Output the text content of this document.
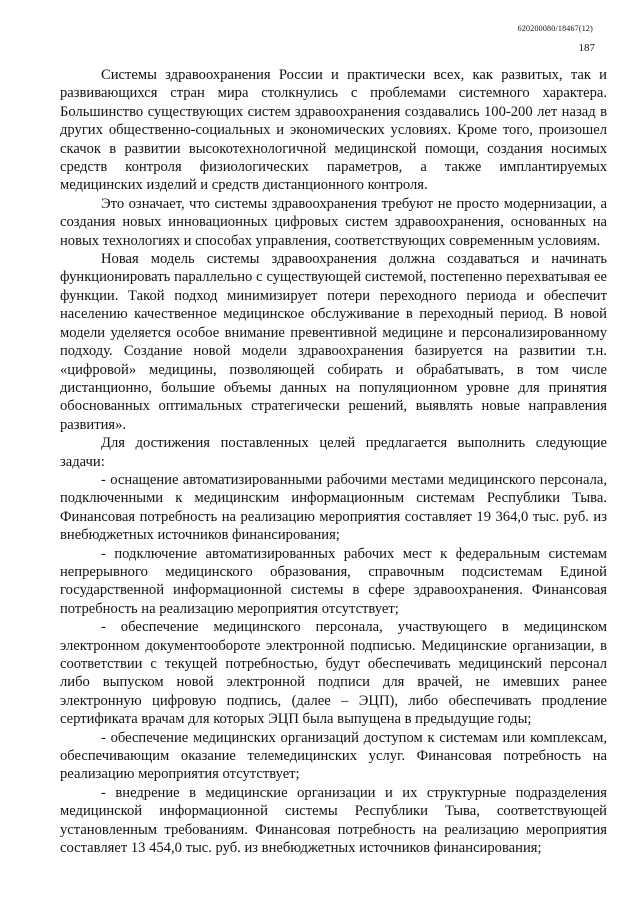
620200080/18467(12)
187

Системы здравоохранения России и практически всех, как развитых, так и развивающихся стран мира столкнулись с проблемами системного характера. Большинство существующих систем здравоохранения создавались 100-200 лет назад в других общественно-социальных и экономических условиях. Кроме того, произошел скачок в развитии высокотехнологичной медицинской помощи, создания носимых средств контроля физиологических параметров, а также имплантируемых медицинских изделий и средств дистанционного контроля.

Это означает, что системы здравоохранения требуют не просто модернизации, а создания новых инновационных цифровых систем здравоохранения, основанных на новых технологиях и способах управления, соответствующих современным условиям.

Новая модель системы здравоохранения должна создаваться и начинать функционировать параллельно с существующей системой, постепенно перехватывая ее функции. Такой подход минимизирует потери переходного периода и обеспечит населению качественное медицинское обслуживание в переходный период. В новой модели уделяется особое внимание превентивной медицине и персонализированному подходу. Создание новой модели здравоохранения базируется на развитии т.н. «цифровой» медицины, позволяющей собирать и обрабатывать, в том числе дистанционно, большие объемы данных на популяционном уровне для принятия обоснованных оптимальных стратегически решений, выявлять новые направления развития».

Для достижения поставленных целей предлагается выполнить следующие задачи:

- оснащение автоматизированными рабочими местами медицинского персонала, подключенными к медицинским информационным системам Республики Тыва. Финансовая потребность на реализацию мероприятия составляет 19 364,0 тыс. руб. из внебюджетных источников финансирования;

- подключение автоматизированных рабочих мест к федеральным системам непрерывного медицинского образования, справочным подсистемам Единой государственной информационной системы в сфере здравоохранения. Финансовая потребность на реализацию мероприятия отсутствует;

- обеспечение медицинского персонала, участвующего в медицинском электронном документообороте электронной подписью. Медицинские организации, в соответствии с текущей потребностью, будут обеспечивать медицинский персонал либо выпуском новой электронной подписи для врачей, не имевших ранее электронную цифровую подпись, (далее – ЭЦП), либо обеспечивать продление сертификата врачам для которых ЭЦП была выпущена в предыдущие годы;

- обеспечение медицинских организаций доступом к системам или комплексам, обеспечивающим оказание телемедицинских услуг. Финансовая потребность на реализацию мероприятия отсутствует;

- внедрение в медицинские организации и их структурные подразделения медицинской информационной системы Республики Тыва, соответствующей установленным требованиям. Финансовая потребность на реализацию мероприятия составляет 13 454,0 тыс. руб. из внебюджетных источников финансирования;
